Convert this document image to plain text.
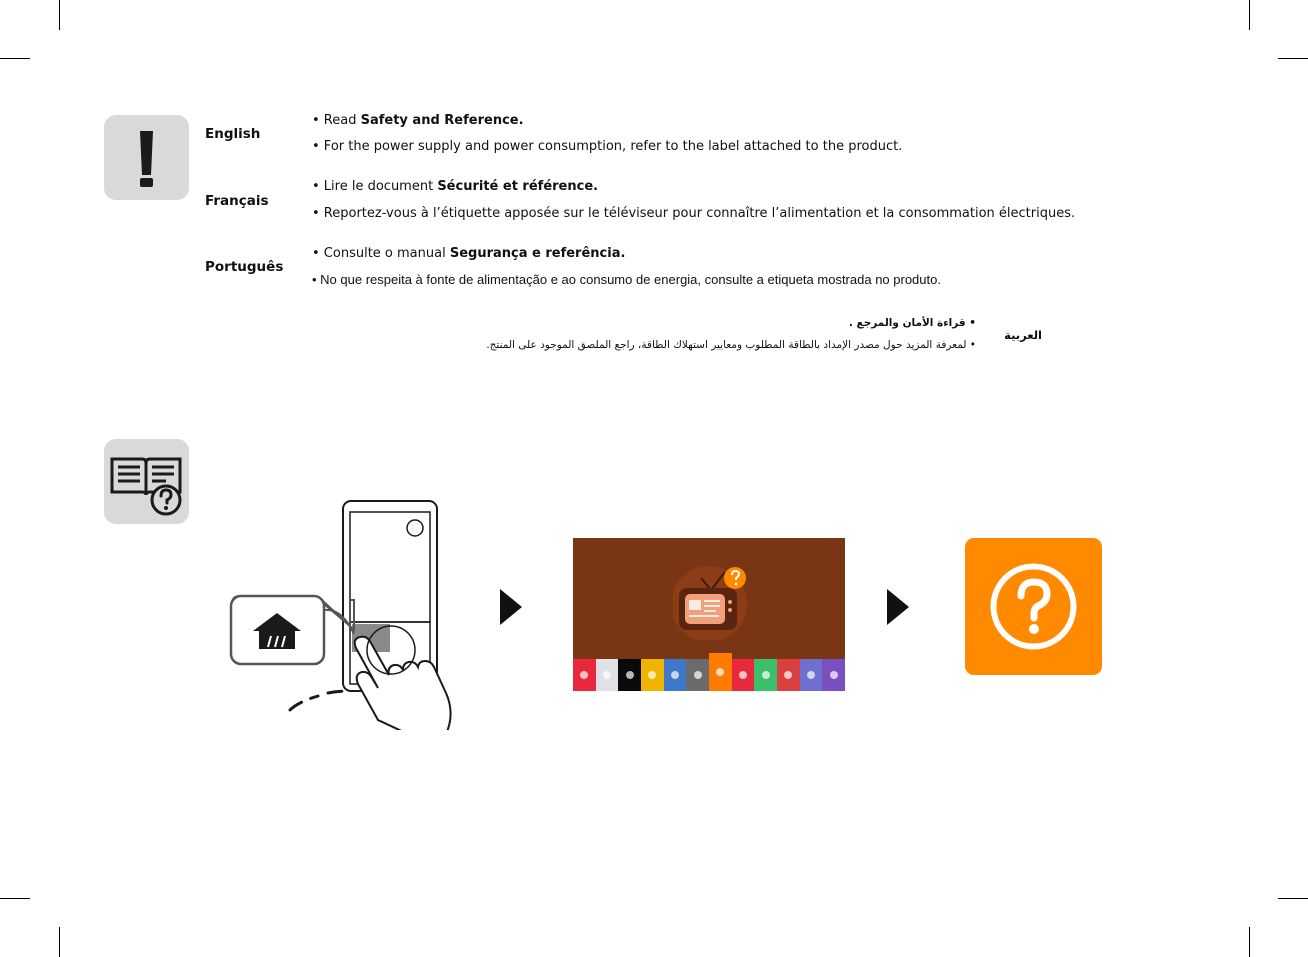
English
• Read Safety and Reference.
• For the power supply and power consumption, refer to the label attached to the product.
Français
• Lire le document Sécurité et référence.
• Reportez-vous à l’étiquette apposée sur le téléviseur pour connaître l’alimentation et la consommation électriques.
Português
• Consulte o manual Segurança e referência.
• No que respeita à fonte de alimentação e ao consumo de energia, consulte a etiqueta mostrada no produto.
العربية
• قراءة الأمان والمرجع .
• لمعرفة المزيد حول مصدر الإمداد بالطاقة المطلوب ومعايير استهلاك الطاقة، راجع الملصق الموجود على المنتج.
